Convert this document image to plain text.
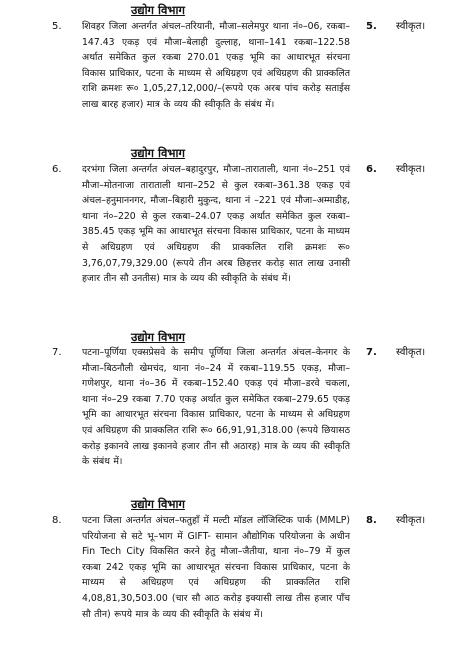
उद्योग विभाग
5. शिवहर जिला अन्तर्गत अंचल–तरियानी, मौजा–सलेमपुर थाना नं०–06, रकबा–147.43 एकड़ एवं मौजा–बेलाही दुल्लाह, थाना–141 रकबा–122.58 अर्थात समेकित कुल रकबा 270.01 एकड़ भूमि का आधारभूत संरचना विकास प्राधिकार, पटना के माध्यम से अधिग्रहण एवं अधिग्रहण की प्राक्कलित राशि क्रमशः रू० 1,05,27,12,000/–(रूपये एक अरब पांच करोड़ सताईस लाख बारह हजार) मात्र के व्यय की स्वीकृति के संबंध में।
5. स्वीकृत।
उद्योग विभाग
6. दरभंगा जिला अन्तर्गत अंचल–बहादुरपुर, मौजा–ताराताली, थाना नं०–251 एवं मौजा–मोतनाजा ताराताली थाना–252 से कुल रकबा–361.38 एकड़ एवं अंचल–हनुमाननगर, मौजा–बिहारी मुकुन्द, थाना नं –221 एवं मौजा–अम्माडीह, थाना नं०–220 से कुल रकबा–24.07 एकड़ अर्थात समेकित कुल रकबा–385.45 एकड़ भूमि का आधारभूत संरचना विकास प्राधिकार, पटना के माध्यम से अधिग्रहण एवं अधिग्रहण की प्राक्कलित राशि क्रमशः रू० 3,76,07,79,329.00 (रूपये तीन अरब छिहत्तर करोड़ सात लाख उनासी हजार तीन सौ उनतीस) मात्र के व्यय की स्वीकृति के संबंध में।
6. स्वीकृत।
उद्योग विभाग
7. पटना–पूर्णिया एक्सप्रेसवे के समीप पूर्णिया जिला अन्तर्गत अंचल–केनगर के मौजा–बिठनौली खेमचंद, थाना नं०–24 में रकबा–119.55 एकड़, मौजा–गणेशपुर, थाना नं०–36 में रकबा–152.40 एकड़ एवं मौजा–डरवे चकला, थाना नं०–29 रकबा 7.70 एकड़ अर्थात कुल समेकित रकबा–279.65 एकड़ भूमि का आधारभूत संरचना विकास प्राधिकार, पटना के माध्यम से अधिग्रहण एवं अधिग्रहण की प्राक्कलित राशि रू० 66,91,91,318.00 (रूपये छियासठ करोड़ इकानवे लाख इकानवे हजार तीन सौ अठारह) मात्र के व्यय की स्वीकृति के संबंध में।
7. स्वीकृत।
उद्योग विभाग
8. पटना जिला अन्तर्गत अंचल–फतुहाँ में मल्टी मॉडल लॉजिस्टिक पार्क (MMLP) परियोजना से सटे भू–भाग में GIFT- सामान औद्योगिक परियोजना के अधीन Fin Tech City विकसित करने हेतु मौजा–जैतीया, थाना नं०–79 में कुल रकबा 242 एकड़ भूमि का आधारभूत संरचना विकास प्राधिकार, पटना के माध्यम से अधिग्रहण एवं अधिग्रहण की प्राक्कलित राशि 4,08,81,30,503.00 (चार सौ आठ करोड़ इक्यासी लाख तीस हजार पाँच सौ तीन) रूपये मात्र के व्यय की स्वीकृति के संबंध में।
8. स्वीकृत।
